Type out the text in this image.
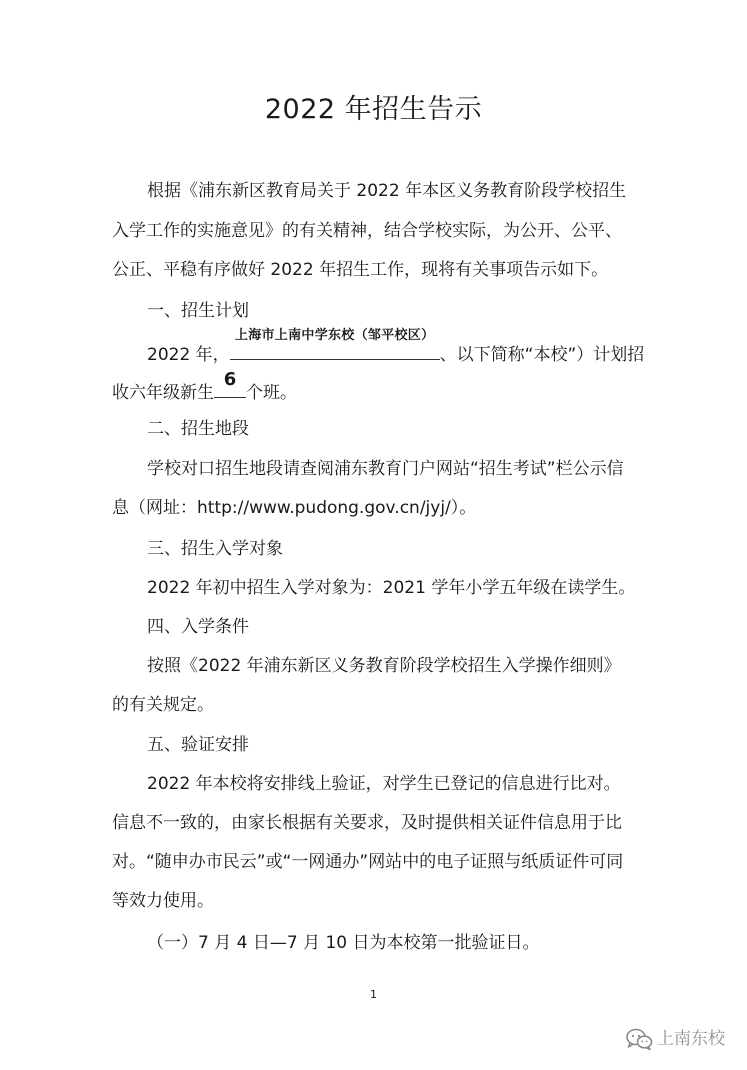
2022 年招生告示
根据《浦东新区教育局关于 2022 年本区义务教育阶段学校招生
入学工作的实施意见》的有关精神，结合学校实际，为公开、公平、
公正、平稳有序做好 2022 年招生工作，现将有关事项告示如下。
一、招生计划
2022 年，
上海市上南中学东校（邹平校区）
、以下简称“本校”）计划招
收六年级新生
6
个班。
二、招生地段
学校对口招生地段请查阅浦东教育门户网站“招生考试”栏公示信
息（网址：http://www.pudong.gov.cn/jyj/）。
三、招生入学对象
2022 年初中招生入学对象为：2021 学年小学五年级在读学生。
四、入学条件
按照《2022 年浦东新区义务教育阶段学校招生入学操作细则》
的有关规定。
五、验证安排
2022 年本校将安排线上验证，对学生已登记的信息进行比对。
信息不一致的，由家长根据有关要求，及时提供相关证件信息用于比
对。“随申办市民云”或“一网通办”网站中的电子证照与纸质证件可同
等效力使用。
（一）7 月 4 日—7 月 10 日为本校第一批验证日。
1
上南东校
